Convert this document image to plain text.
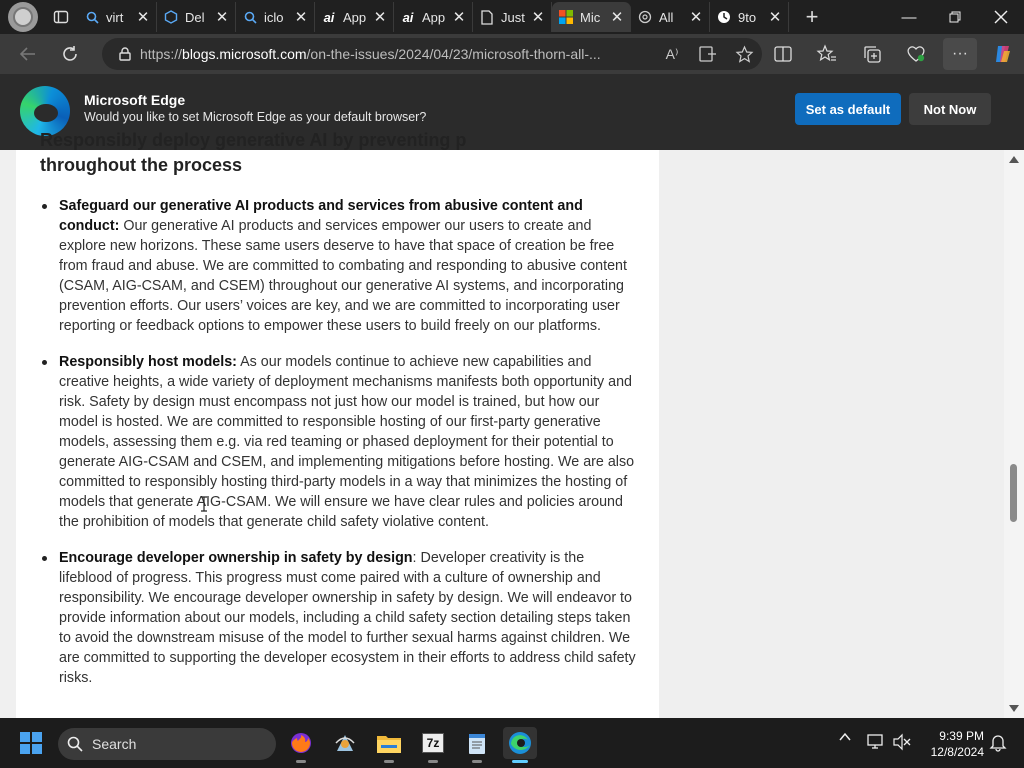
virt ✕	Del ✕	iclo ✕ ai App ✕ ai App ✕	Just ✕	Mic ✕	All	✕	9to ✕ +	—
https://blogs.microsoft.com/on-the-issues/2024/04/23/microsoft-thorn-all-...	A⁾	···
Microsoft Edge
Would you like to set Microsoft Edge as your default browser?
Set as default	Not Now
Responsibly deploy generative AI by preventing p
throughout the process
Safeguard our generative AI products and services from abusive content and conduct: Our generative AI products and services empower our users to create and explore new horizons. These same users deserve to have that space of creation be free from fraud and abuse. We are committed to combating and responding to abusive content (CSAM, AIG-CSAM, and CSEM) throughout our generative AI systems, and incorporating prevention efforts. Our users’ voices are key, and we are committed to incorporating user reporting or feedback options to empower these users to build freely on our platforms.
Responsibly host models: As our models continue to achieve new capabilities and creative heights, a wide variety of deployment mechanisms manifests both opportunity and risk. Safety by design must encompass not just how our model is trained, but how our model is hosted. We are committed to responsible hosting of our first-party generative models, assessing them e.g. via red teaming or phased deployment for their potential to generate AIG-CSAM and CSEM, and implementing mitigations before hosting. We are also committed to responsibly hosting third-party models in a way that minimizes the hosting of models that generate AIG-CSAM. We will ensure we have clear rules and policies around the prohibition of models that generate child safety violative content.
Encourage developer ownership in safety by design: Developer creativity is the lifeblood of progress. This progress must come paired with a culture of ownership and responsibility. We encourage developer ownership in safety by design. We will endeavor to provide information about our models, including a child safety section detailing steps taken to avoid the downstream misuse of the model to further sexual harms against children. We are committed to supporting the developer ecosystem in their efforts to address child safety risks.
Search	7z	9:39 PM
12/8/2024
